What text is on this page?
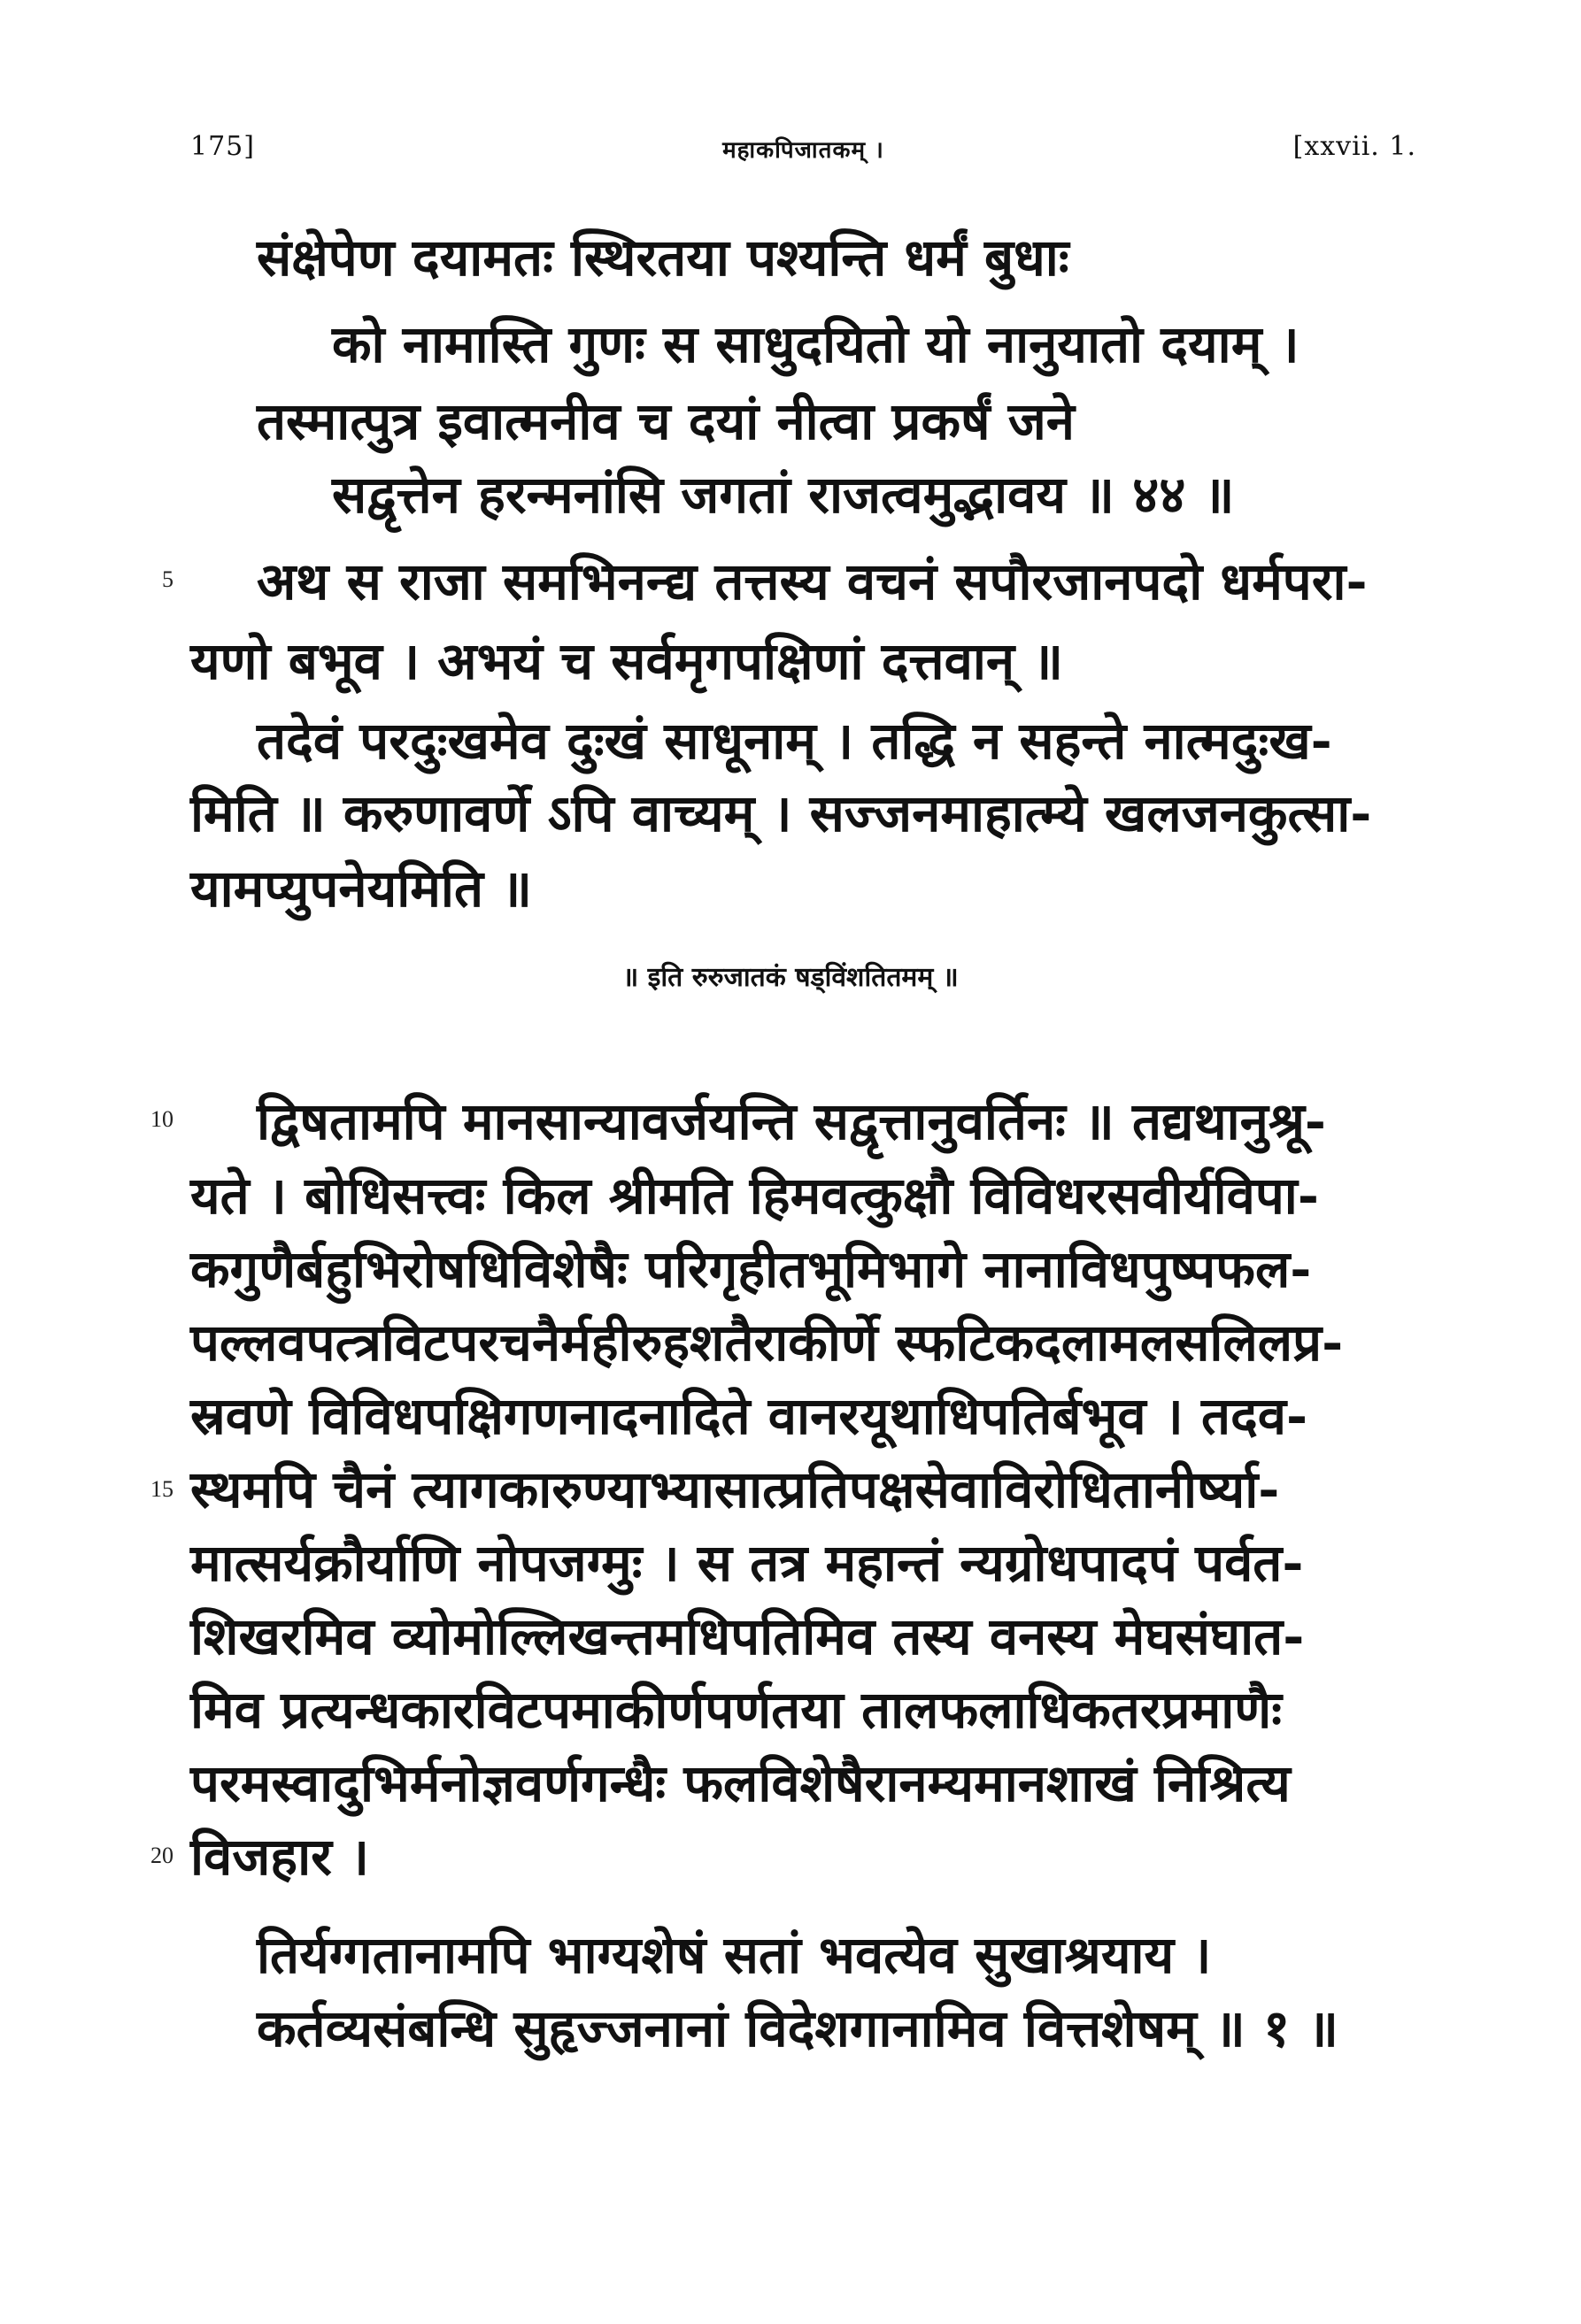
175]	महाकपिजातकम् ।	[xxvii. 1.
संक्षेपेण दयामतः स्थिरतया पश्यन्ति धर्मं बुधाः
को नामास्ति गुणः स साधुदयितो यो नानुयातो दयाम् ।
तस्मात्पुत्र इवात्मनीव च दयां नीत्वा प्रकर्षं जने
सद्वृत्तेन हरन्मनांसि जगतां राजत्वमुद्भावय ॥ ४४ ॥
5 अथ स राजा समभिनन्द्य तत्तस्य वचनं सपौरजानपदो धर्मपरा-
यणो बभूव । अभयं च सर्वमृगपक्षिणां दत्तवान् ॥
तदेवं परदुःखमेव दुःखं साधूनाम् । तद्धि न सहन्ते नात्मदुःख-
मिति ॥ करुणावर्णे ऽपि वाच्यम् । सज्जनमाहात्म्ये खलजनकुत्सा-
यामप्युपनेयमिति ॥
॥ इति रुरुजातकं षड्विंशतितमम् ॥
10 द्विषतामपि मानसान्यावर्जयन्ति सद्वृत्तानुवर्तिनः ॥ तद्यथानुश्रू-
यते । बोधिसत्त्वः किल श्रीमति हिमवत्कुक्षौ विविधरसवीर्यविपा-
कगुणैर्बहुभिरोषधिविशेषैः परिगृहीतभूमिभागे नानाविधपुष्पफल-
पल्लवपत्त्रविटपरचनैर्महीरुहशतैराकीर्णे स्फटिकदलामलसलिलप्र-
स्रवणे विविधपक्षिगणनादनादिते वानरयूथाधिपतिर्बभूव । तदव-
15 स्थमपि चैनं त्यागकारुण्याभ्यासात्प्रतिपक्षसेवाविरोधितानीर्ष्या-
मात्सर्यक्रौर्याणि नोपजग्मुः । स तत्र महान्तं न्यग्रोधपादपं पर्वत-
शिखरमिव व्योमोल्लिखन्तमधिपतिमिव तस्य वनस्य मेघसंघात-
मिव प्रत्यन्धकारविटपमाकीर्णपर्णतया तालफलाधिकतरप्रमाणैः
परमस्वादुभिर्मनोज्ञवर्णगन्धैः फलविशेषैरानम्यमानशाखं निश्रित्य
20 विजहार ।
तिर्यग्गतानामपि भाग्यशेषं सतां भवत्येव सुखाश्रयाय ।
कर्तव्यसंबन्धि सुहृज्जनानां विदेशगानामिव वित्तशेषम् ॥ १ ॥
